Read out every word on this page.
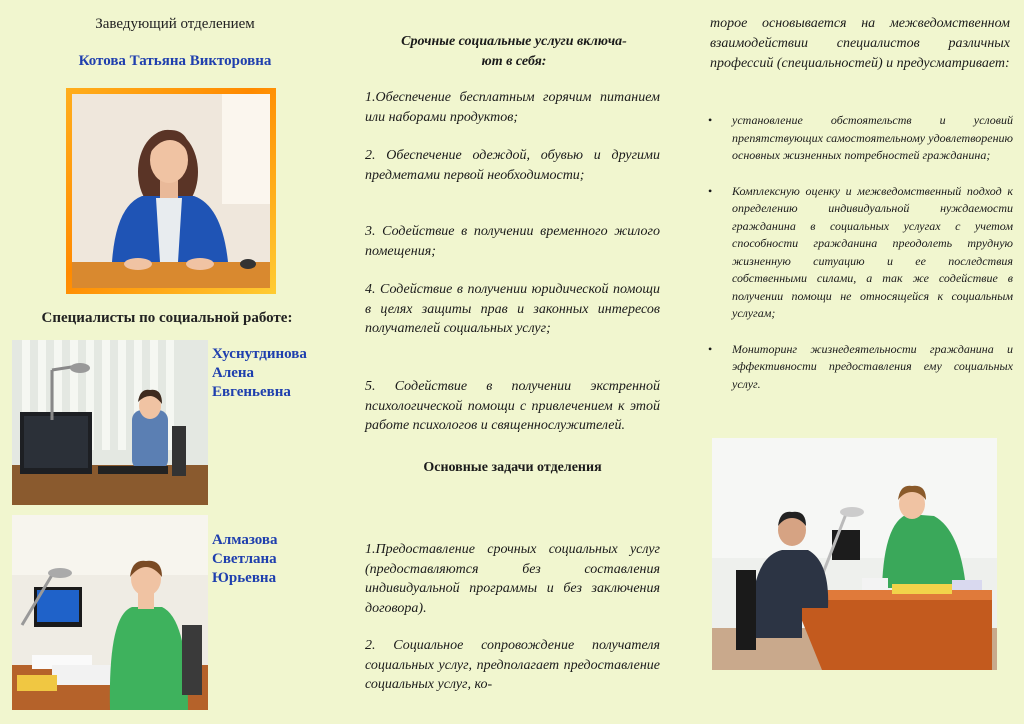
Заведующий отделением
Котова Татьяна Викторовна
Специалисты по социальной работе:
Хуснутдинова
Алена
Евгеньевна
Алмазова
Светлана
Юрьевна
Срочные социальные услуги включа-
ют в себя:
1.Обеспечение бесплатным горячим питанием или наборами продуктов;
2. Обеспечение одеждой, обувью и другими предметами первой необходимости;
3. Содействие в получении временного жилого помещения;
4. Содействие в получении юридической помощи в целях защиты прав и законных интересов получателей социальных услуг;
5. Содействие в получении экстренной психологической помощи с привлечением к этой работе психологов и священнослужителей.
Основные задачи отделения
1.Предоставление срочных социальных услуг (предоставляются без составления индивидуальной программы и без заключения договора).
2. Социальное сопровождение получателя социальных услуг, предполагает предоставление социальных услуг, ко-
торое основывается на межведомственном взаимодействии специалистов различных профессий (специальностей) и предусматривает:
• установление обстоятельств и условий препятствующих самостоятельному удовлетворению основных жизненных потребностей гражданина;
• Комплексную оценку и межведомственный подход к определению индивидуальной нуждаемости гражданина в социальных услугах с учетом способности гражданина преодолеть трудную жизненную ситуацию и ее последствия собственными силами, а так же содействие в получении помощи не относящейся к социальным услугам;
• Мониторинг жизнедеятельности гражданина и эффективности предоставления ему социальных услуг.
